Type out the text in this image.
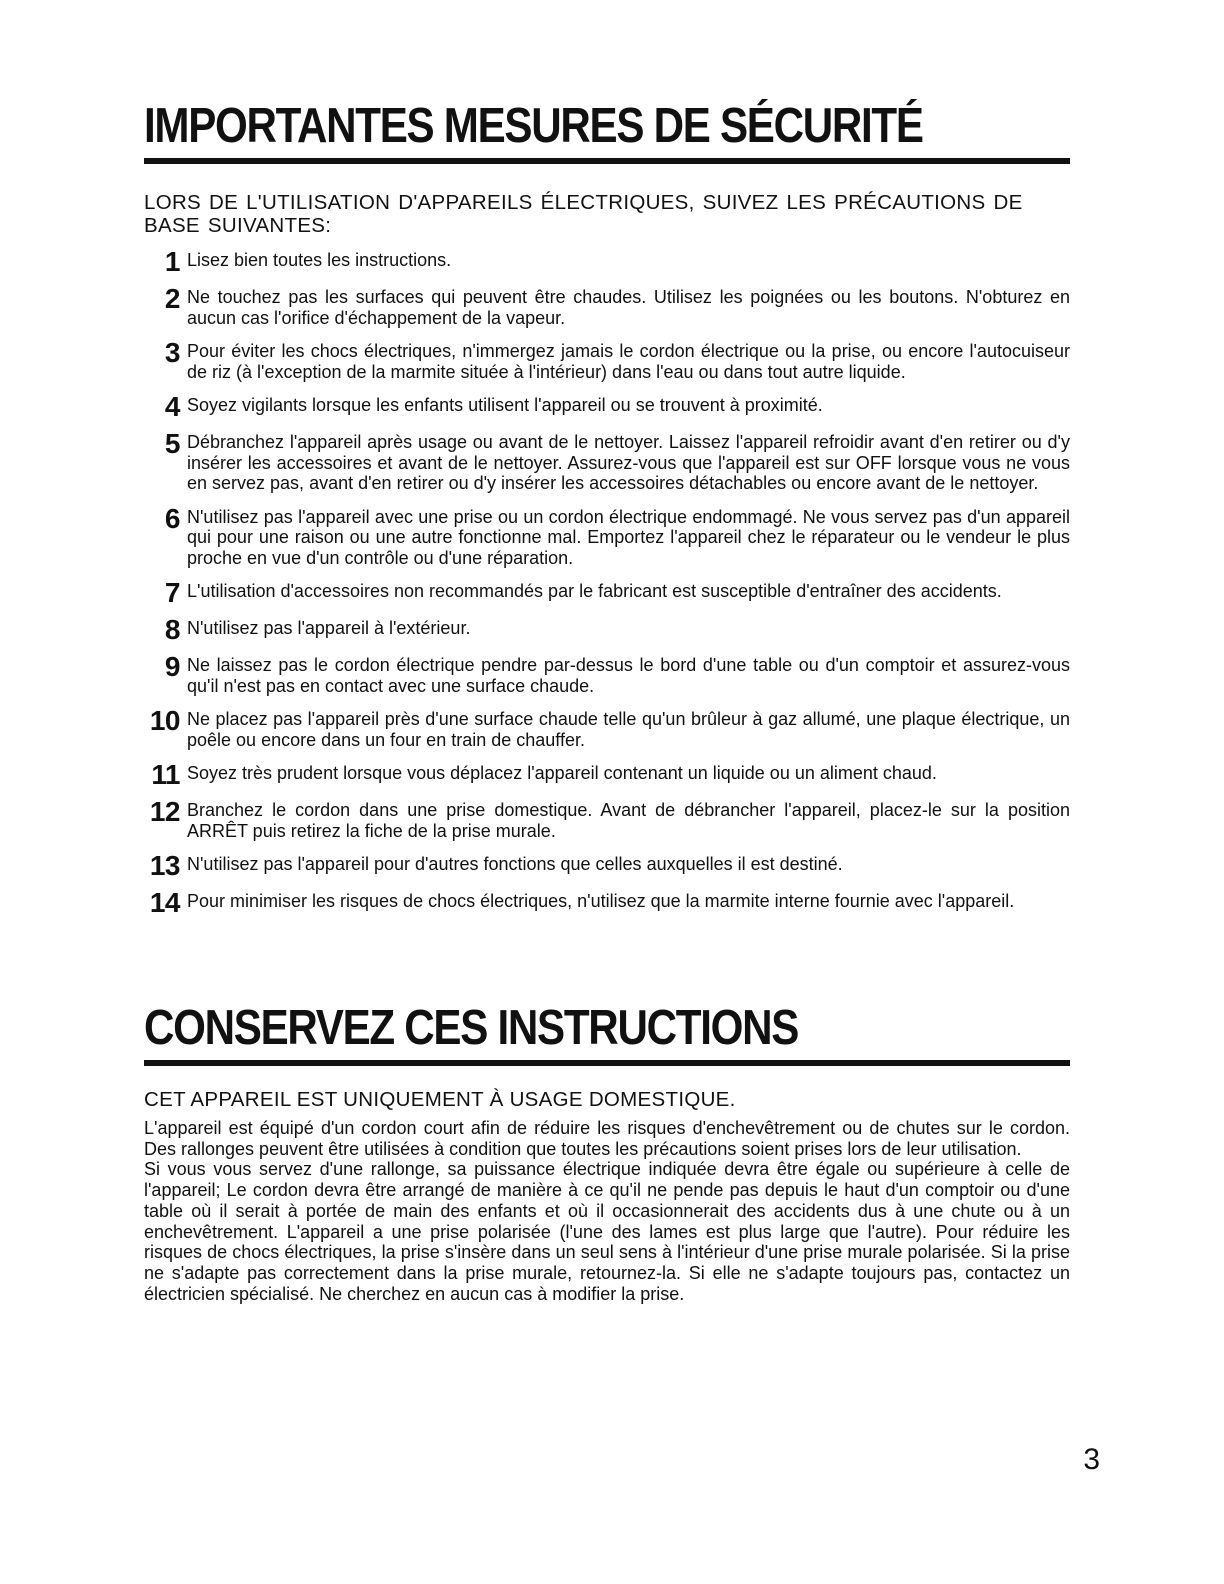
IMPORTANTES MESURES DE SÉCURITÉ

LORS DE L'UTILISATION D'APPAREILS ÉLECTRIQUES, SUIVEZ LES PRÉCAUTIONS DE BASE SUIVANTES:

1 Lisez bien toutes les instructions.
2 Ne touchez pas les surfaces qui peuvent être chaudes. Utilisez les poignées ou les boutons. N'obturez en aucun cas l'orifice d'échappement de la vapeur.
3 Pour éviter les chocs électriques, n'immergez jamais le cordon électrique ou la prise, ou encore l'autocuiseur de riz (à l'exception de la marmite située à l'intérieur) dans l'eau ou dans tout autre liquide.
4 Soyez vigilants lorsque les enfants utilisent l'appareil ou se trouvent à proximité.
5 Débranchez l'appareil après usage ou avant de le nettoyer. Laissez l'appareil refroidir avant d'en retirer ou d'y insérer les accessoires et avant de le nettoyer. Assurez-vous que l'appareil est sur OFF lorsque vous ne vous en servez pas, avant d'en retirer ou d'y insérer les accessoires détachables ou encore avant de le nettoyer.
6 N'utilisez pas l'appareil avec une prise ou un cordon électrique endommagé. Ne vous servez pas d'un appareil qui pour une raison ou une autre fonctionne mal. Emportez l'appareil chez le réparateur ou le vendeur le plus proche en vue d'un contrôle ou d'une réparation.
7 L'utilisation d'accessoires non recommandés par le fabricant est susceptible d'entraîner des accidents.
8 N'utilisez pas l'appareil à l'extérieur.
9 Ne laissez pas le cordon électrique pendre par-dessus le bord d'une table ou d'un comptoir et assurez-vous qu'il n'est pas en contact avec une surface chaude.
10 Ne placez pas l'appareil près d'une surface chaude telle qu'un brûleur à gaz allumé, une plaque électrique, un poêle ou encore dans un four en train de chauffer.
11 Soyez très prudent lorsque vous déplacez l'appareil contenant un liquide ou un aliment chaud.
12 Branchez le cordon dans une prise domestique. Avant de débrancher l'appareil, placez-le sur la position ARRÊT puis retirez la fiche de la prise murale.
13 N'utilisez pas l'appareil pour d'autres fonctions que celles auxquelles il est destiné.
14 Pour minimiser les risques de chocs électriques, n'utilisez que la marmite interne fournie avec l'appareil.
CONSERVEZ CES INSTRUCTIONS

CET APPAREIL EST UNIQUEMENT À USAGE DOMESTIQUE.

L'appareil est équipé d'un cordon court afin de réduire les risques d'enchevêtrement ou de chutes sur le cordon. Des rallonges peuvent être utilisées à condition que toutes les précautions soient prises lors de leur utilisation.

Si vous vous servez d'une rallonge, sa puissance électrique indiquée devra être égale ou supérieure à celle de l'appareil; Le cordon devra être arrangé de manière à ce qu'il ne pende pas depuis le haut d'un comptoir ou d'une table où il serait à portée de main des enfants et où il occasionnerait des accidents dus à une chute ou à un enchevêtrement. L'appareil a une prise polarisée (l'une des lames est plus large que l'autre). Pour réduire les risques de chocs électriques, la prise s'insère dans un seul sens à l'intérieur d'une prise murale polarisée. Si la prise ne s'adapte pas correctement dans la prise murale, retournez-la. Si elle ne s'adapte toujours pas, contactez un électricien spécialisé. Ne cherchez en aucun cas à modifier la prise.

3
